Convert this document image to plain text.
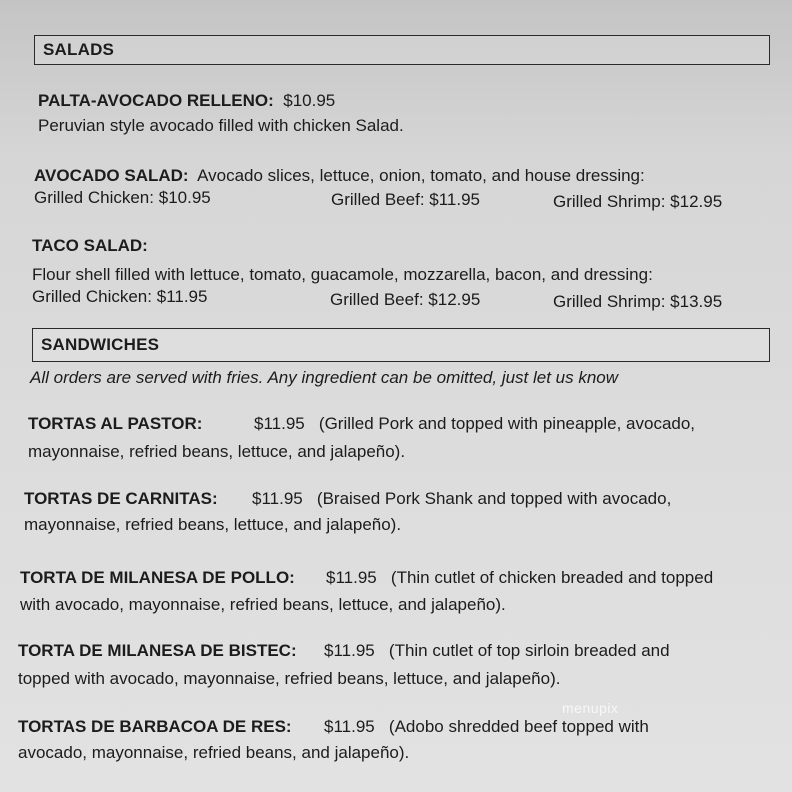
SALADS
PALTA-AVOCADO RELLENO: $10.95
Peruvian style avocado filled with chicken Salad.
AVOCADO SALAD: Avocado slices, lettuce, onion, tomato, and house dressing:
Grilled Chicken: $10.95	Grilled Beef: $11.95	Grilled Shrimp: $12.95
TACO SALAD:
Flour shell filled with lettuce, tomato, guacamole, mozzarella, bacon, and dressing:
Grilled Chicken: $11.95	Grilled Beef: $12.95	Grilled Shrimp: $13.95
SANDWICHES
All orders are served with fries. Any ingredient can be omitted, just let us know
TORTAS AL PASTOR:	$11.95 (Grilled Pork and topped with pineapple, avocado,
mayonnaise, refried beans, lettuce, and jalapeño).
TORTAS DE CARNITAS: $11.95 (Braised Pork Shank and topped with avocado,
mayonnaise, refried beans, lettuce, and jalapeño).
TORTA DE MILANESA DE POLLO: $11.95 (Thin cutlet of chicken breaded and topped
with avocado, mayonnaise, refried beans, lettuce, and jalapeño).
TORTA DE MILANESA DE BISTEC: $11.95 (Thin cutlet of top sirloin breaded and
topped with avocado, mayonnaise, refried beans, lettuce, and jalapeño).
TORTAS DE BARBACOA DE RES: $11.95 (Adobo shredded beef topped with
avocado, mayonnaise, refried beans, and jalapeño).
menupix
